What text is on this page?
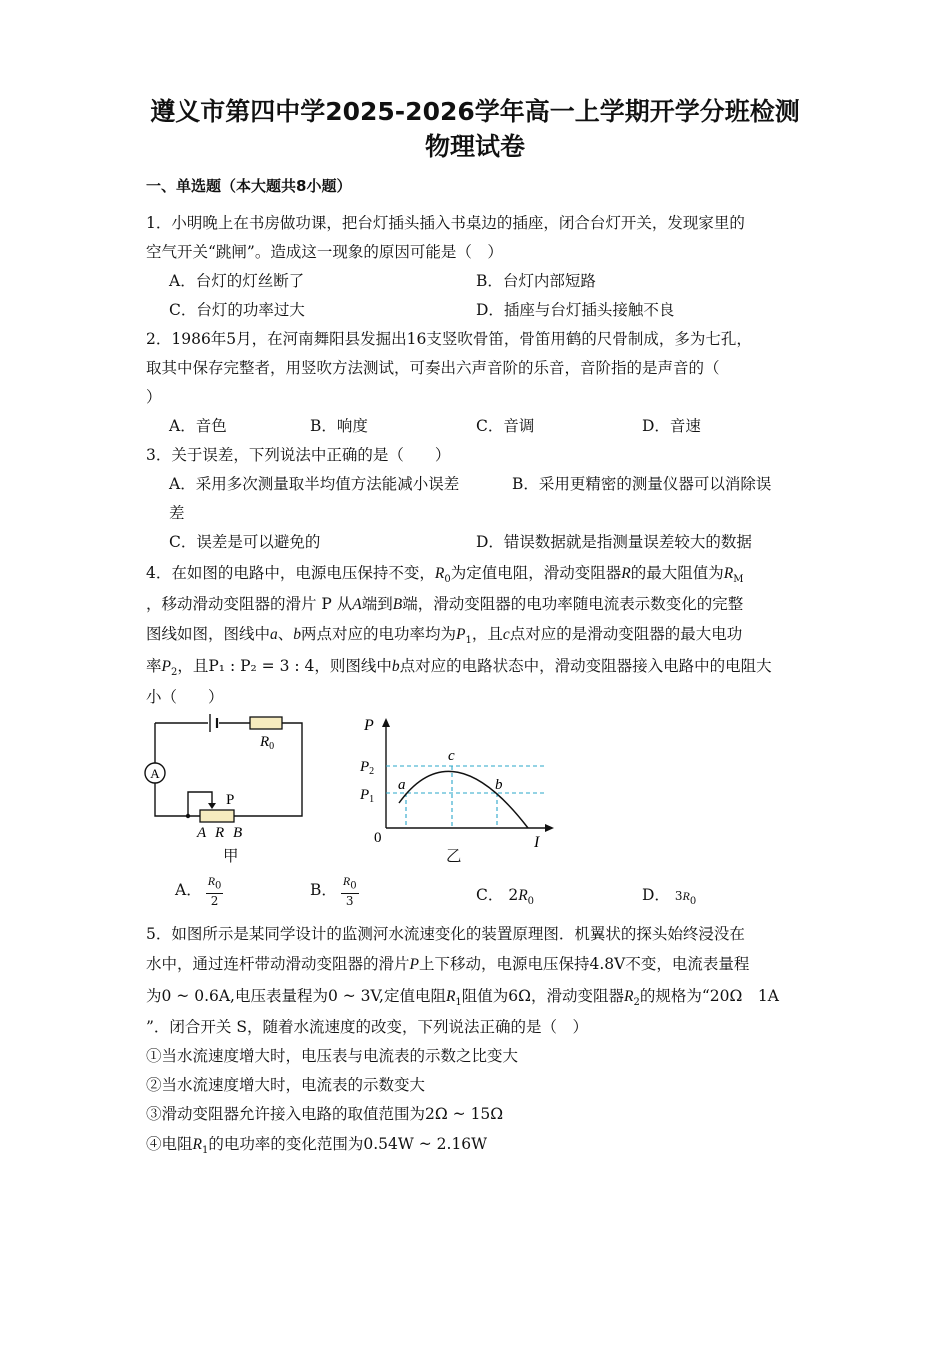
遵义市第四中学2025-2026学年高一上学期开学分班检测
物理试卷
一、单选题（本大题共8小题）
1．小明晚上在书房做功课，把台灯插头插入书桌边的插座，闭合台灯开关，发现家里的
空气开关“跳闸”。造成这一现象的原因可能是（　）
A．台灯的灯丝断了	B．台灯内部短路
C．台灯的功率过大	D．插座与台灯插头接触不良
2．1986年5月，在河南舞阳县发掘出16支竖吹骨笛，骨笛用鹤的尺骨制成，多为七孔，
取其中保存完整者，用竖吹方法测试，可奏出六声音阶的乐音，音阶指的是声音的（
）
A．音色	B．响度	C．音调	D．音速
3．关于误差，下列说法中正确的是（　　）
A．采用多次测量取半均值方法能减小误差	B．采用更精密的测量仪器可以消除误
差
C．误差是可以避免的	D．错误数据就是指测量误差较大的数据
4．在如图的电路中，电源电压保持不变，$R_0$为定值电阻，滑动变阻器R的最大阻值为$R_M$
，移动滑动变阻器的滑片 P 从A端到B端，滑动变阻器的电功率随电流表示数变化的完整
图线如图，图线中a、b两点对应的电功率均为$P_1$，且c点对应的是滑动变阻器的最大电功
率$P_2$，且P₁ : P₂ = 3 : 4，则图线中b点对应的电路状态中，滑动变阻器接入电路中的电阻大
小（　　）
A
$R_0$
P
A R B
甲
P
I
0
$P_2$
$P_1$
a
c
b
乙
A． $\frac{R_0}{2}$	B． $\frac{R_0}{3}$	C． $2R_0$	D． $3R_0$
5．如图所示是某同学设计的监测河水流速变化的装置原理图．机翼状的探头始终浸没在
水中，通过连杆带动滑动变阻器的滑片P上下移动，电源电压保持4.8V不变，电流表量程
为0 ~ 0.6A,电压表量程为0 ~ 3V,定值电阻$R_1$阻值为6Ω，滑动变阻器$R_2$的规格为“20Ω　1A
”．闭合开关 S，随着水流速度的改变，下列说法正确的是（　）
①当水流速度增大时，电压表与电流表的示数之比变大
②当水流速度增大时，电流表的示数变大
③滑动变阻器允许接入电路的取值范围为2Ω ~ 15Ω
④电阻$R_1$的电功率的变化范围为0.54W ~ 2.16W
